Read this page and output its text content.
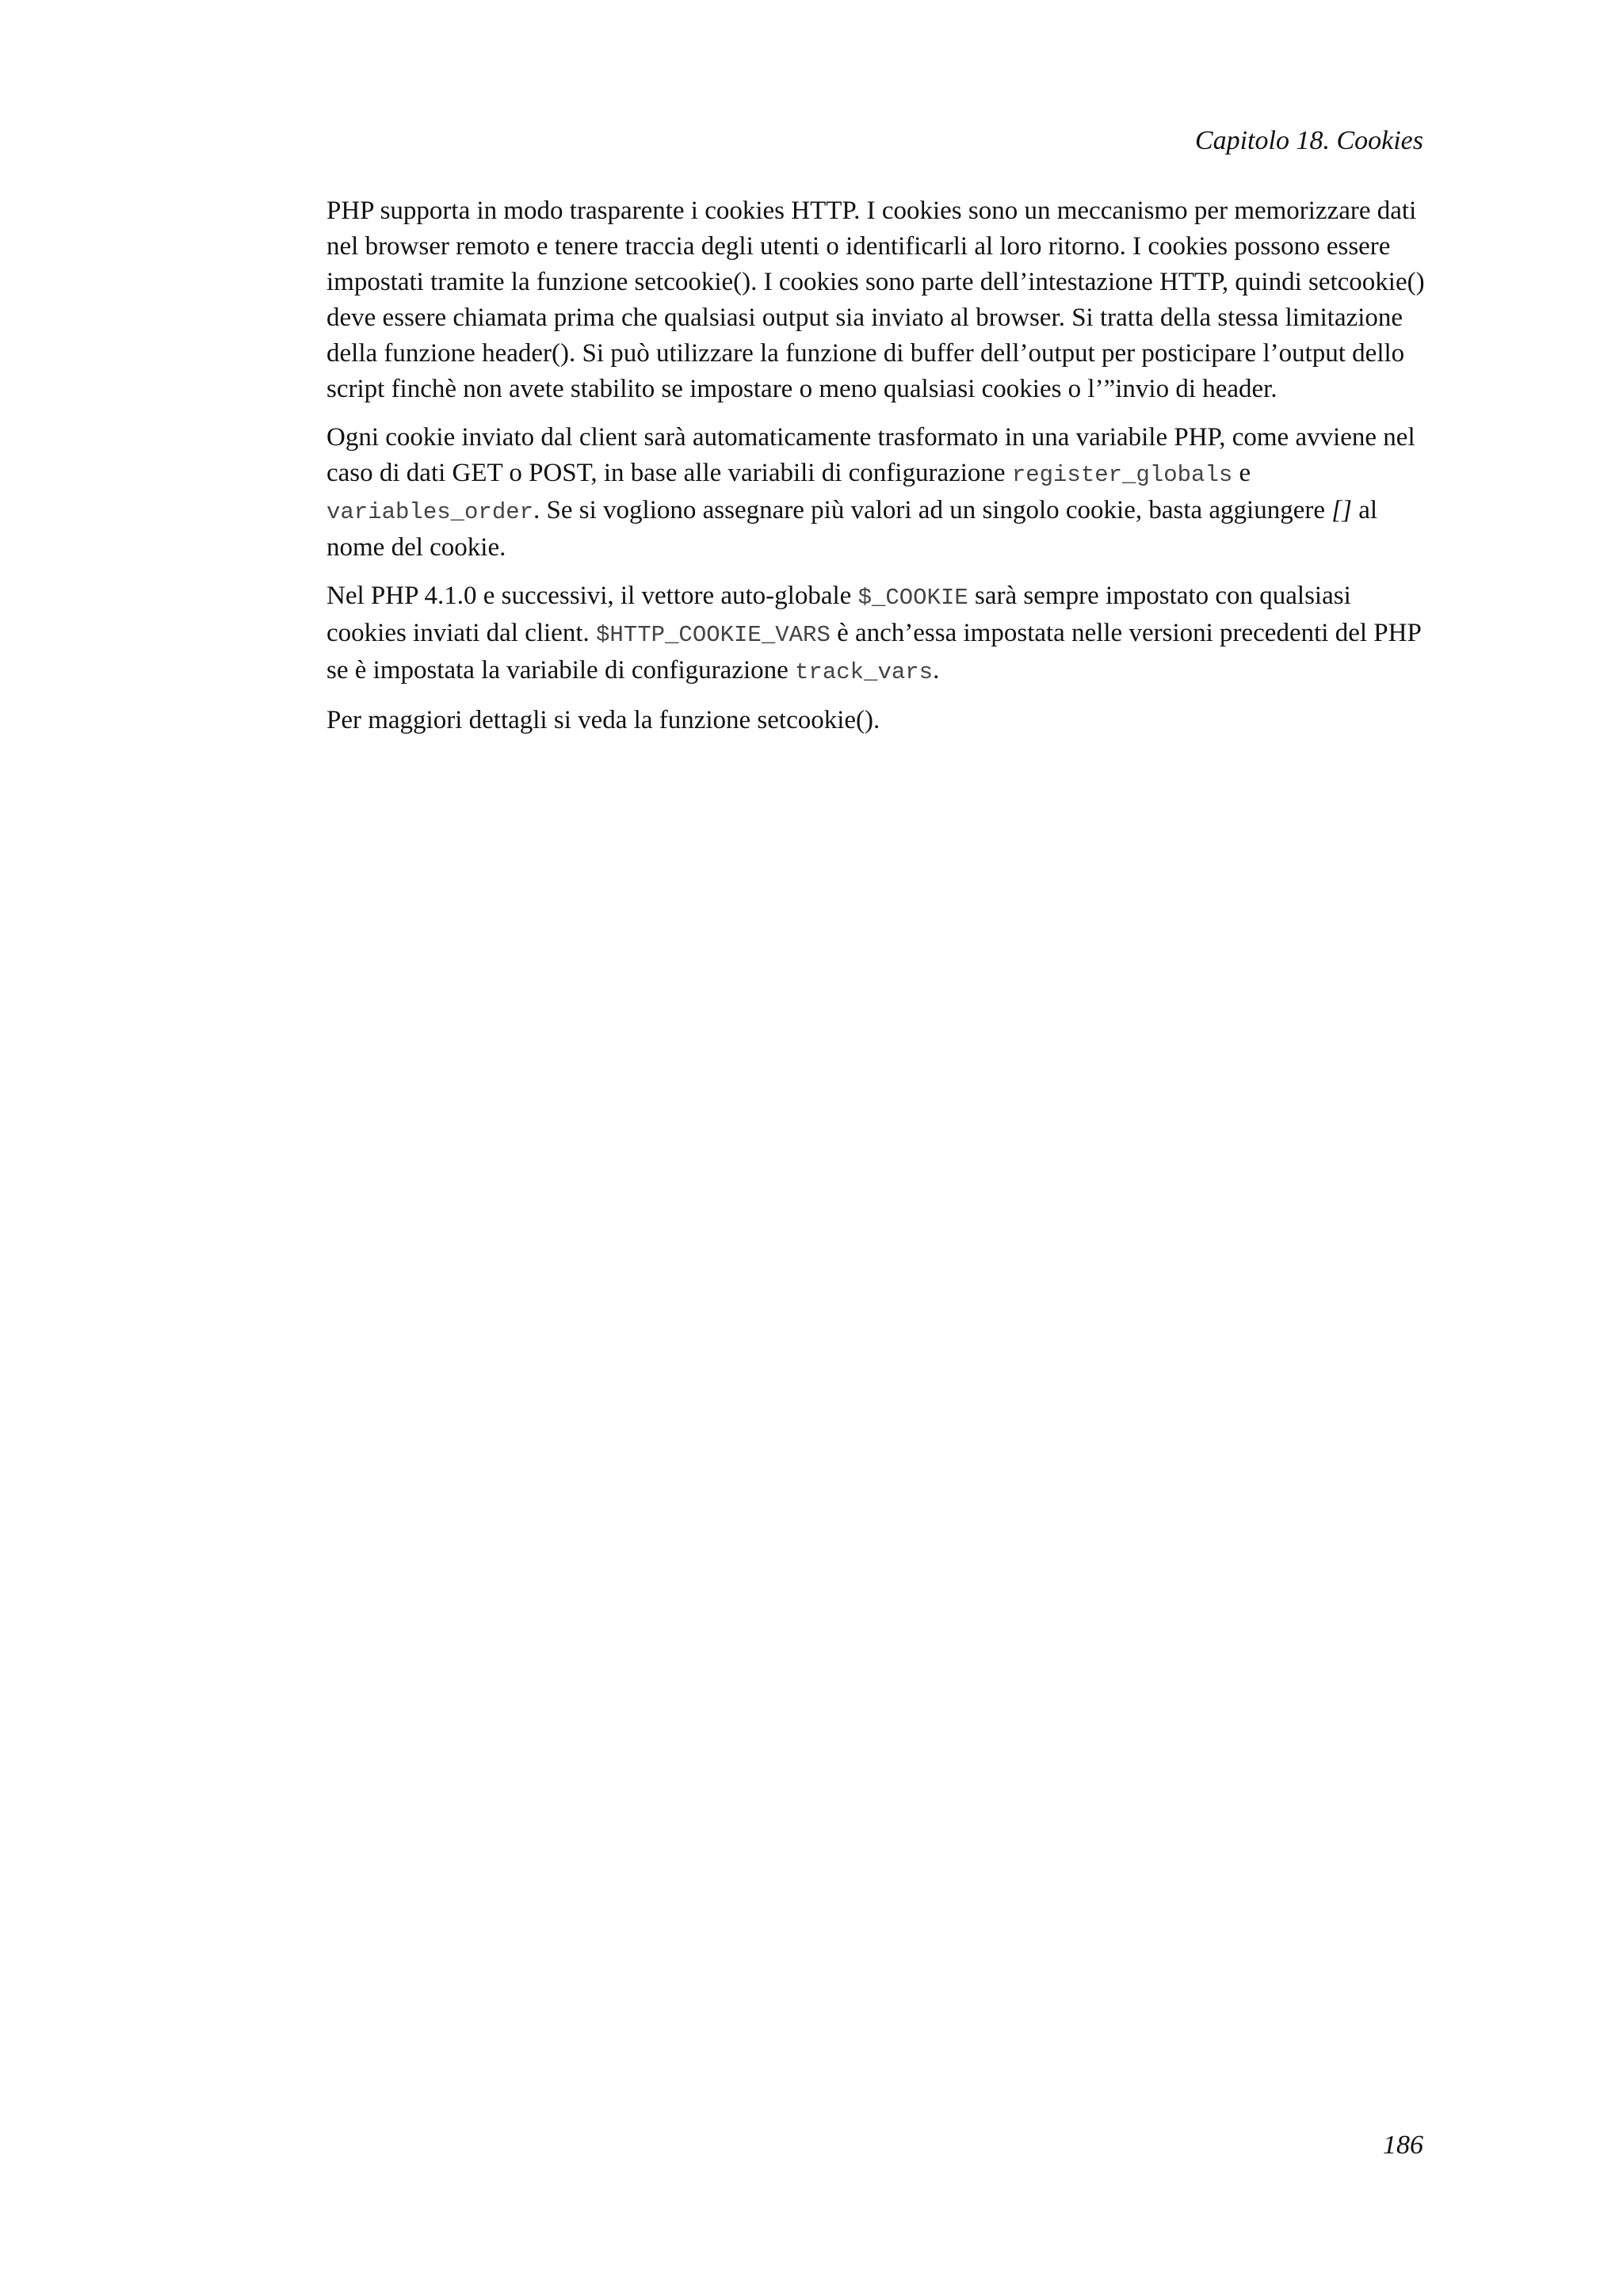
Capitolo 18. Cookies

PHP supporta in modo trasparente i cookies HTTP. I cookies sono un meccanismo per memorizzare dati nel browser remoto e tenere traccia degli utenti o identificarli al loro ritorno. I cookies possono essere impostati tramite la funzione setcookie(). I cookies sono parte dell’intestazione HTTP, quindi setcookie() deve essere chiamata prima che qualsiasi output sia inviato al browser. Si tratta della stessa limitazione della funzione header(). Si può utilizzare la funzione di buffer dell’output per posticipare l’output dello script finchè non avete stabilito se impostare o meno qualsiasi cookies o l’”invio di header.

Ogni cookie inviato dal client sarà automaticamente trasformato in una variabile PHP, come avviene nel caso di dati GET o POST, in base alle variabili di configurazione register_globals e variables_order. Se si vogliono assegnare più valori ad un singolo cookie, basta aggiungere [] al nome del cookie.

Nel PHP 4.1.0 e successivi, il vettore auto-globale $_COOKIE sarà sempre impostato con qualsiasi cookies inviati dal client. $HTTP_COOKIE_VARS è anch’essa impostata nelle versioni precedenti del PHP se è impostata la variabile di configurazione track_vars.

Per maggiori dettagli si veda la funzione setcookie().

186
